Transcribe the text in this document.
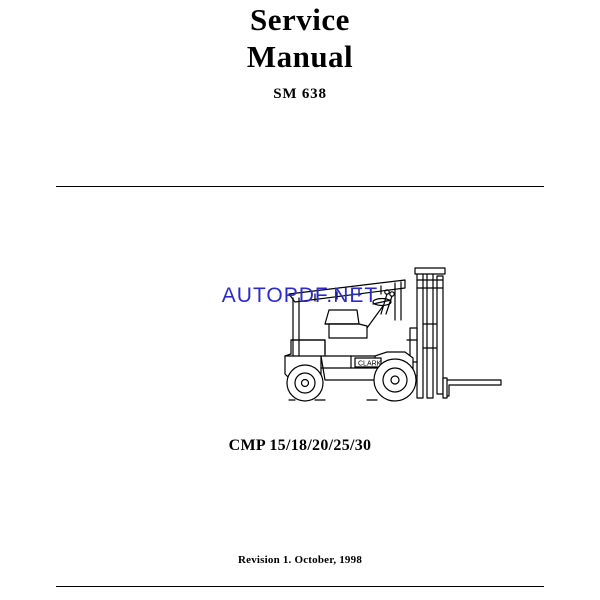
Service
Manual
SM 638
CLARK
AUTOPDF.NET
CMP 15/18/20/25/30
Revision 1. October, 1998
